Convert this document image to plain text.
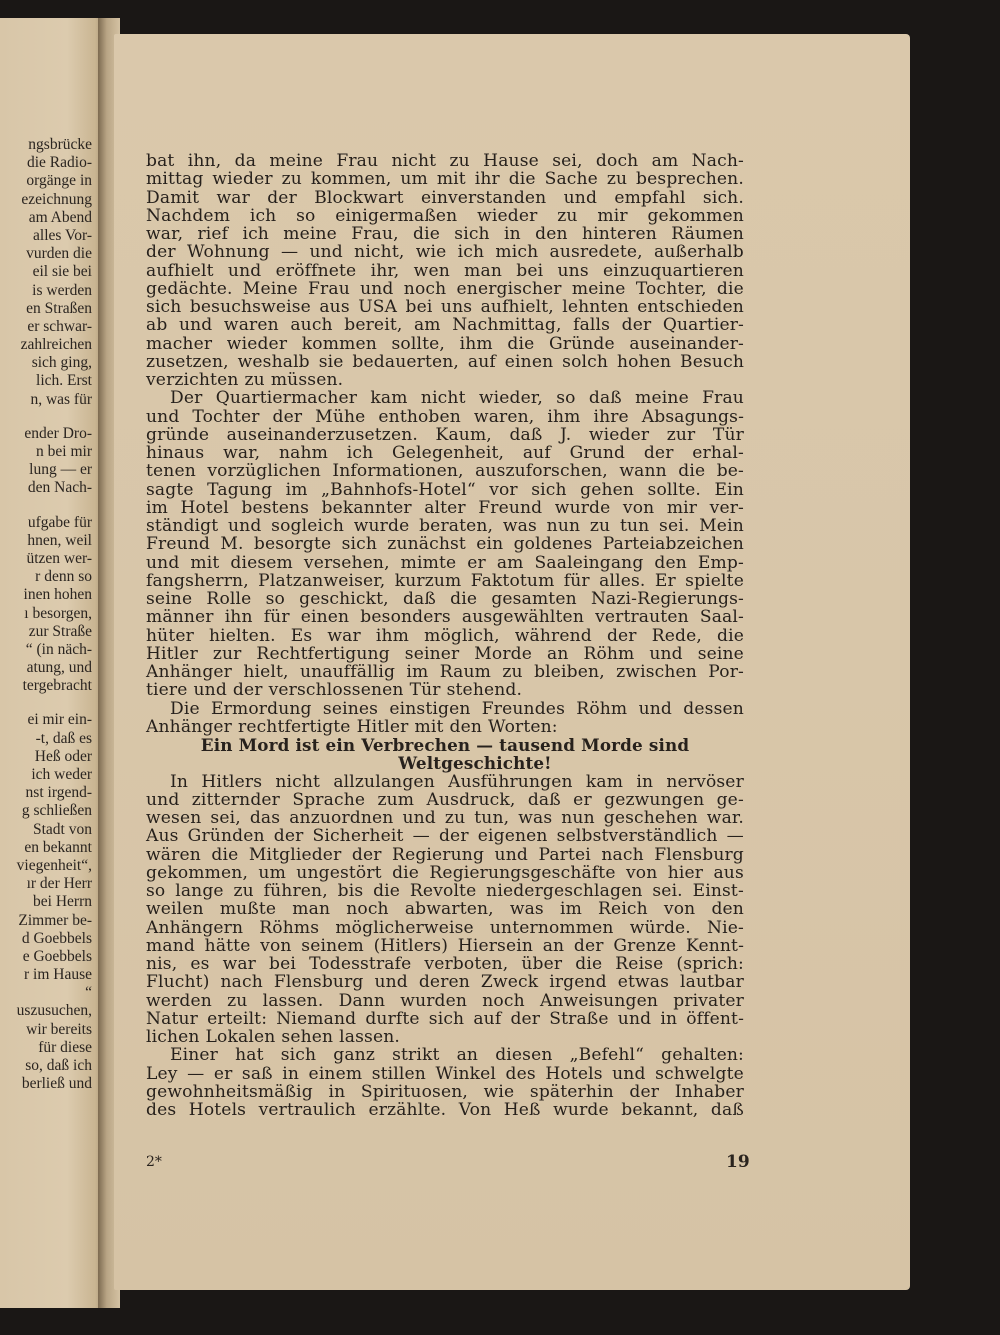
ngsbrücke
die Radio-
orgänge in
ezeichnung
am Abend
alles Vor-
vurden die
eil sie bei
is werden
en Straßen
er schwar-
zahlreichen
sich ging,
lich. Erst
n, was für
ender Dro-
n bei mir
lung — er
den Nach-
ufgabe für
hnen, weil
ützen wer-
r denn so
inen hohen
ı besorgen,
zur Straße
“ (in näch-
atung, und
tergebracht
ei mir ein-
-t, daß es
Heß oder
ich weder
nst irgend-
g schließen
Stadt von
en bekannt
viegenheit“,
ır der Herr
bei Herrn
Zimmer be-
d Goebbels
e Goebbels
r im Hause
“
uszusuchen,
wir bereits
für diese
so, daß ich
berließ und
bat ihn, da meine Frau nicht zu Hause sei, doch am Nach-
mittag wieder zu kommen, um mit ihr die Sache zu besprechen.
Damit war der Blockwart einverstanden und empfahl sich.
Nachdem ich so einigermaßen wieder zu mir gekommen
war, rief ich meine Frau, die sich in den hinteren Räumen
der Wohnung — und nicht, wie ich mich ausredete, außerhalb
aufhielt und eröffnete ihr, wen man bei uns einzuquartieren
gedächte. Meine Frau und noch energischer meine Tochter, die
sich besuchsweise aus USA bei uns aufhielt, lehnten entschieden
ab und waren auch bereit, am Nachmittag, falls der Quartier-
macher wieder kommen sollte, ihm die Gründe auseinander-
zusetzen, weshalb sie bedauerten, auf einen solch hohen Besuch
verzichten zu müssen.
Der Quartiermacher kam nicht wieder, so daß meine Frau
und Tochter der Mühe enthoben waren, ihm ihre Absagungs-
gründe auseinanderzusetzen. Kaum, daß J. wieder zur Tür
hinaus war, nahm ich Gelegenheit, auf Grund der erhal-
tenen vorzüglichen Informationen, auszuforschen, wann die be-
sagte Tagung im „Bahnhofs-Hotel“ vor sich gehen sollte. Ein
im Hotel bestens bekannter alter Freund wurde von mir ver-
ständigt und sogleich wurde beraten, was nun zu tun sei. Mein
Freund M. besorgte sich zunächst ein goldenes Parteiabzeichen
und mit diesem versehen, mimte er am Saaleingang den Emp-
fangsherrn, Platzanweiser, kurzum Faktotum für alles. Er spielte
seine Rolle so geschickt, daß die gesamten Nazi-Regierungs-
männer ihn für einen besonders ausgewählten vertrauten Saal-
hüter hielten. Es war ihm möglich, während der Rede, die
Hitler zur Rechtfertigung seiner Morde an Röhm und seine
Anhänger hielt, unauffällig im Raum zu bleiben, zwischen Por-
tiere und der verschlossenen Tür stehend.
Die Ermordung seines einstigen Freundes Röhm und dessen
Anhänger rechtfertigte Hitler mit den Worten:
Ein Mord ist ein Verbrechen — tausend Morde sind
Weltgeschichte!
In Hitlers nicht allzulangen Ausführungen kam in nervöser
und zitternder Sprache zum Ausdruck, daß er gezwungen ge-
wesen sei, das anzuordnen und zu tun, was nun geschehen war.
Aus Gründen der Sicherheit — der eigenen selbstverständlich —
wären die Mitglieder der Regierung und Partei nach Flensburg
gekommen, um ungestört die Regierungsgeschäfte von hier aus
so lange zu führen, bis die Revolte niedergeschlagen sei. Einst-
weilen mußte man noch abwarten, was im Reich von den
Anhängern Röhms möglicherweise unternommen würde. Nie-
mand hätte von seinem (Hitlers) Hiersein an der Grenze Kennt-
nis, es war bei Todesstrafe verboten, über die Reise (sprich:
Flucht) nach Flensburg und deren Zweck irgend etwas lautbar
werden zu lassen. Dann wurden noch Anweisungen privater
Natur erteilt: Niemand durfte sich auf der Straße und in öffent-
lichen Lokalen sehen lassen.
Einer hat sich ganz strikt an diesen „Befehl“ gehalten:
Ley — er saß in einem stillen Winkel des Hotels und schwelgte
gewohnheitsmäßig in Spirituosen, wie späterhin der Inhaber
des Hotels vertraulich erzählte. Von Heß wurde bekannt, daß
2*	19
